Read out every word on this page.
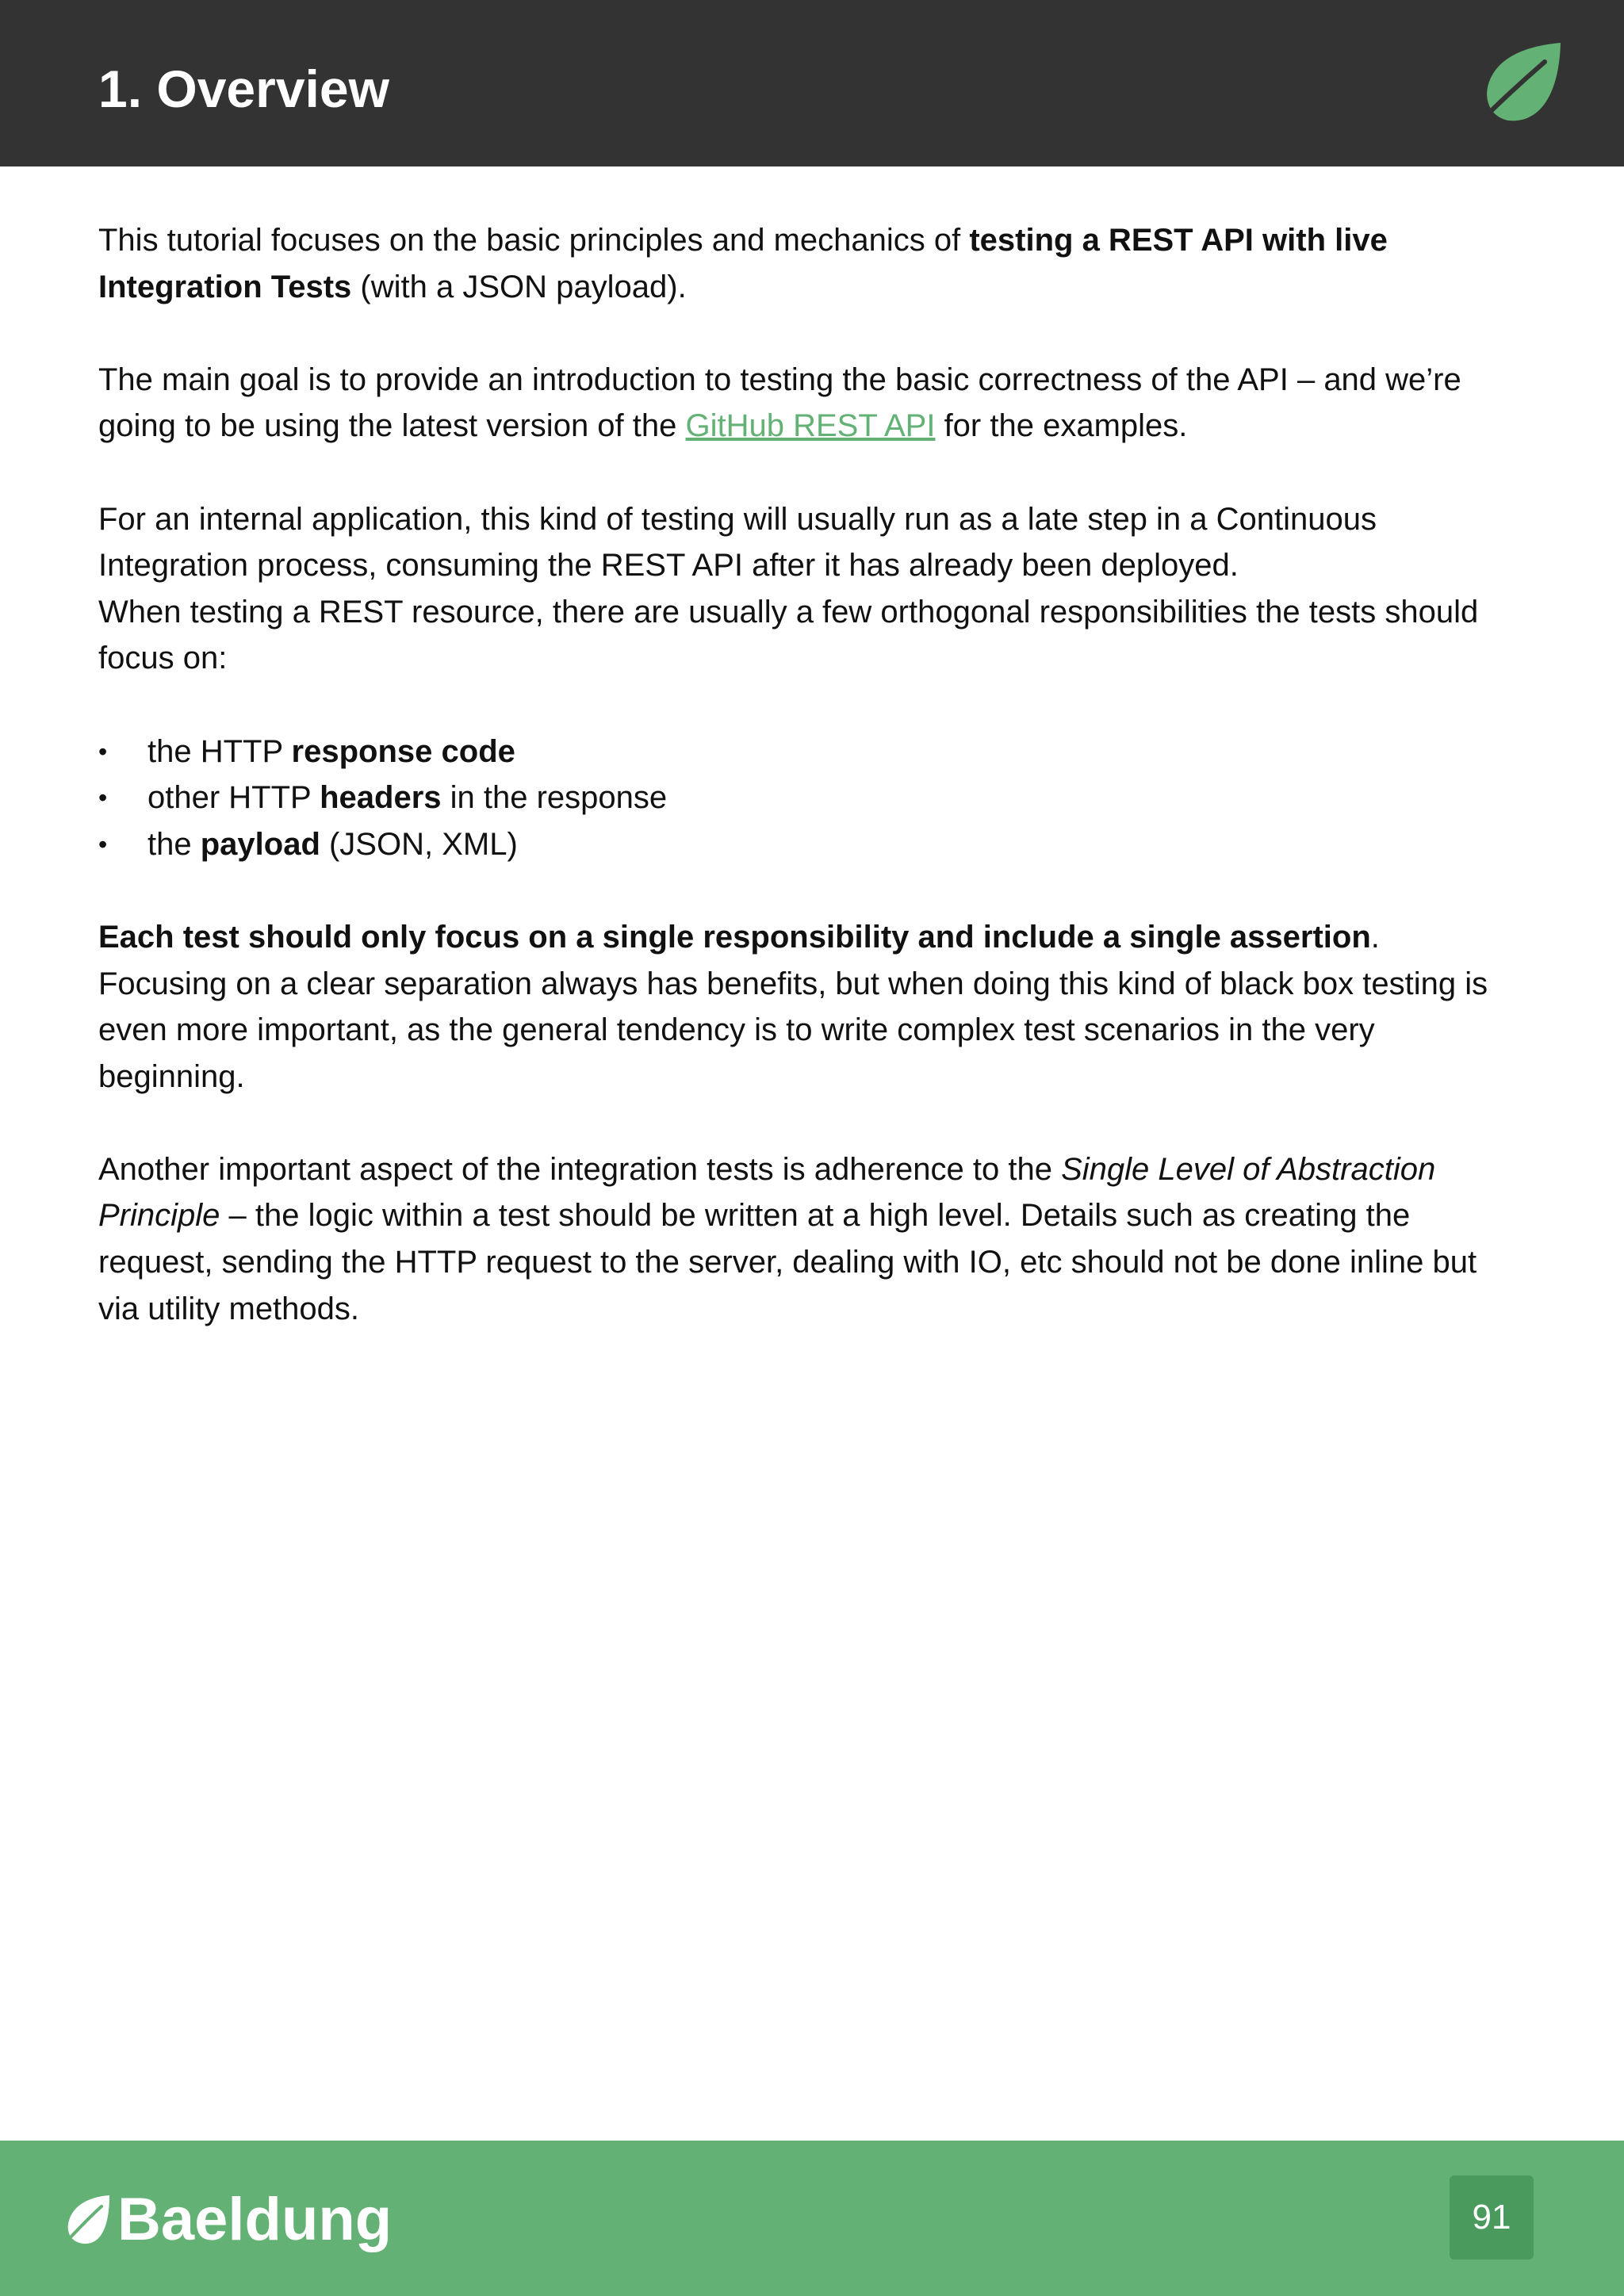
1. Overview

This tutorial focuses on the basic principles and mechanics of testing a REST API with live Integration Tests (with a JSON payload).

The main goal is to provide an introduction to testing the basic correctness of the API – and we’re going to be using the latest version of the GitHub REST API for the examples.

For an internal application, this kind of testing will usually run as a late step in a Continuous Integration process, consuming the REST API after it has already been deployed.

When testing a REST resource, there are usually a few orthogonal responsibilities the tests should focus on:

• the HTTP response code
• other HTTP headers in the response
• the payload (JSON, XML)

Each test should only focus on a single responsibility and include a single assertion.

Focusing on a clear separation always has benefits, but when doing this kind of black box testing is even more important, as the general tendency is to write complex test scenarios in the very beginning.

Another important aspect of the integration tests is adherence to the Single Level of Abstraction Principle – the logic within a test should be written at a high level. Details such as creating the request, sending the HTTP request to the server, dealing with IO, etc should not be done inline but via utility methods.

Baeldung	91
